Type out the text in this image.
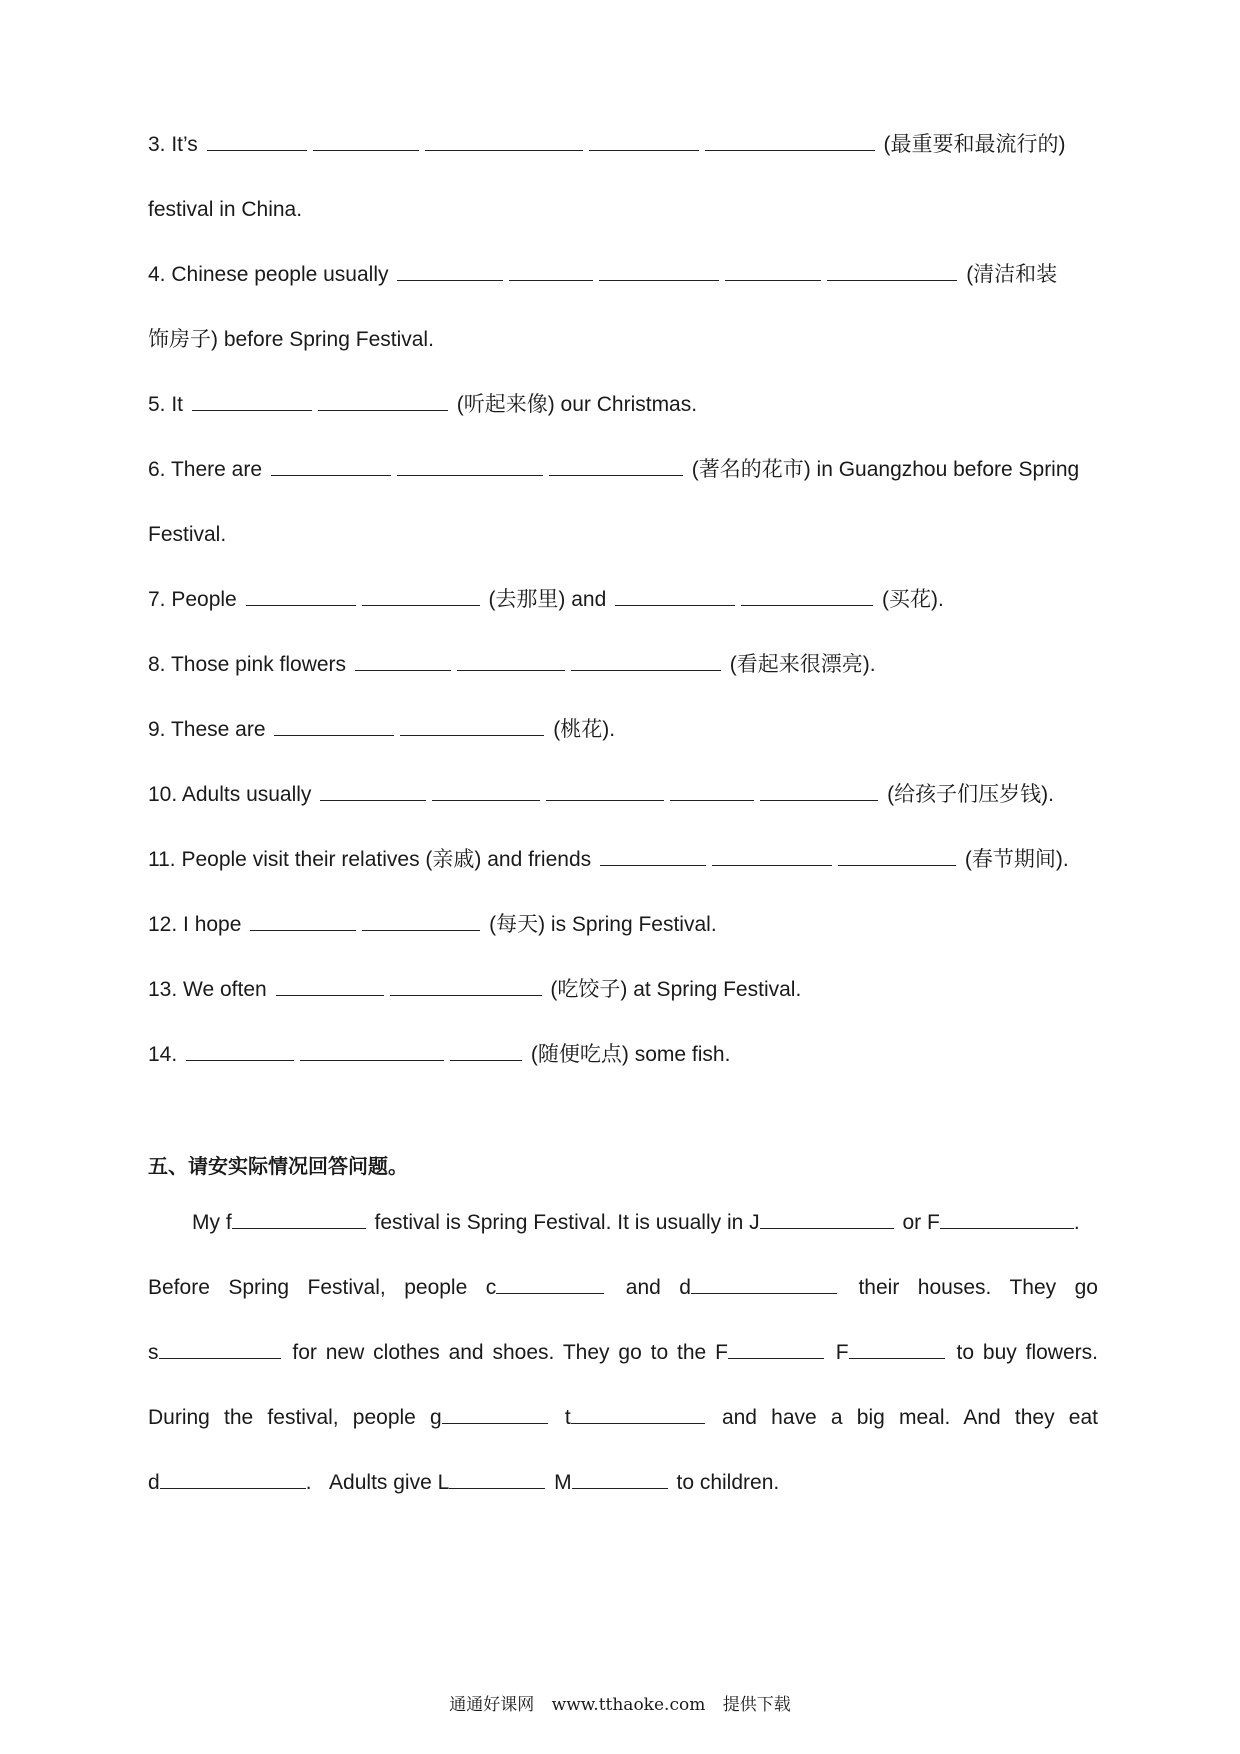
3. It’s	(最重要和最流行的)
festival in China.
4. Chinese people usually	(清洁和装
饰房子) before Spring Festival.
5. It	(听起来像) our Christmas.
6. There are	(著名的花市) in Guangzhou before Spring
Festival.
7. People	(去那里) and	(买花).
8. Those pink flowers	(看起来很漂亮).
9. These are	(桃花).
10. Adults usually	(给孩子们压岁钱).
11. People visit their relatives (亲戚) and friends	(春节期间).
12. I hope	(每天) is Spring Festival.
13. We often	(吃饺子) at Spring Festival.
14.	(随便吃点) some fish.
五、请安实际情况回答问题。
My f	festival is Spring Festival. It is usually in J	or F	.
Before Spring Festival, people c	and d	their houses. They go
s	for new clothes and shoes. They go to the F	F	to buy flowers.
During the festival, people g	t	and have a big meal. And they eat
d	. Adults give L	M	to children.
通通好课网 www.tthaoke.com 提供下载
